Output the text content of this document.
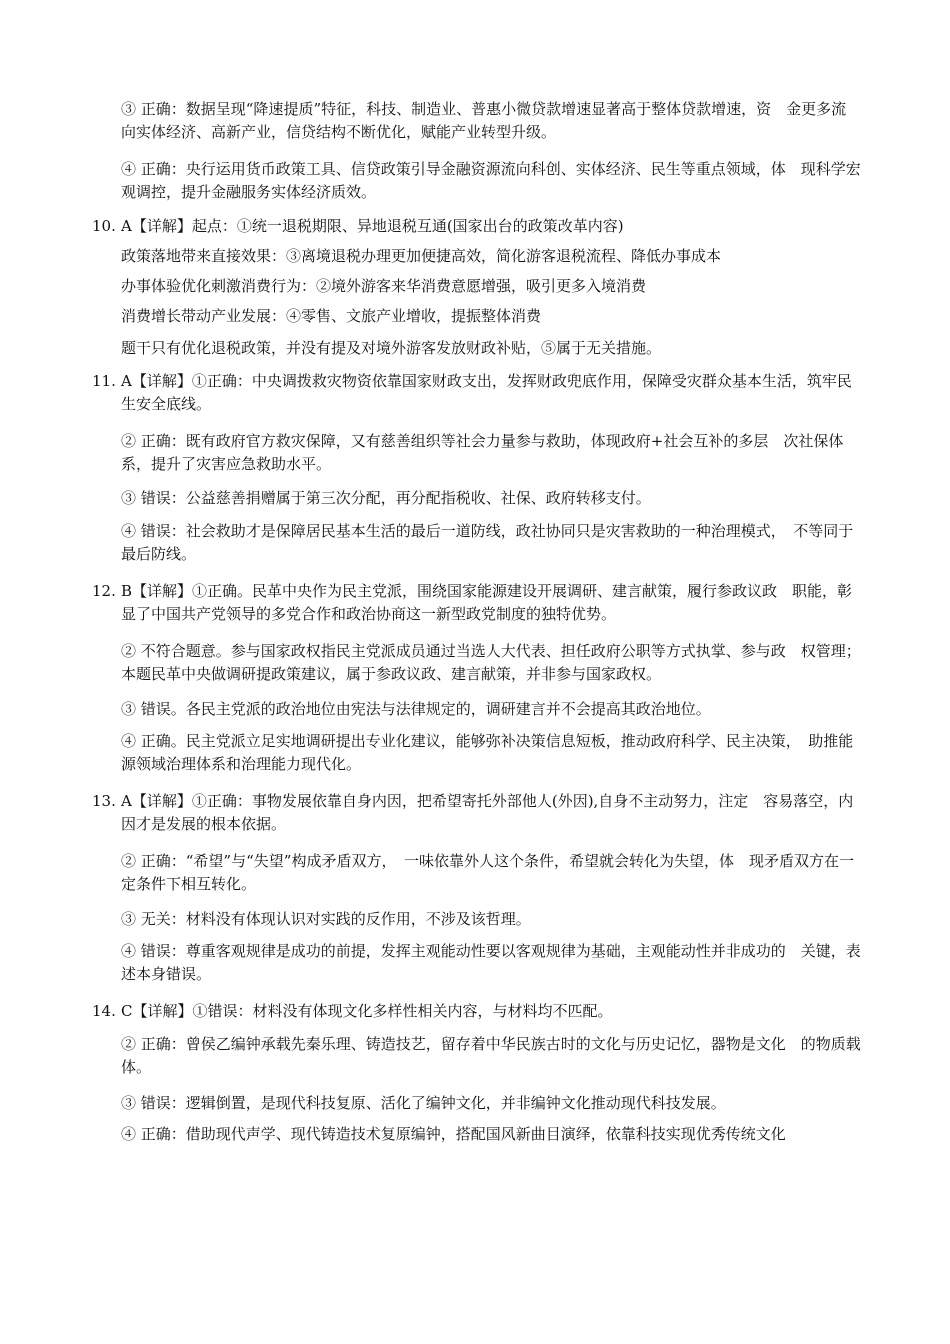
③ 正确：数据呈现“降速提质”特征，科技、制造业、普惠小微贷款增速显著高于整体贷款增速，资　金更多流向实体经济、高新产业，信贷结构不断优化，赋能产业转型升级。

④ 正确：央行运用货币政策工具、信贷政策引导金融资源流向科创、实体经济、民生等重点领域，体　现科学宏观调控，提升金融服务实体经济质效。

10. A【详解】起点：①统一退税期限、异地退税互通(国家出台的政策改革内容)

政策落地带来直接效果：③离境退税办理更加便捷高效，简化游客退税流程、降低办事成本

办事体验优化刺激消费行为：②境外游客来华消费意愿增强，吸引更多入境消费

消费增长带动产业发展：④零售、文旅产业增收，提振整体消费

题干只有优化退税政策，并没有提及对境外游客发放财政补贴，⑤属于无关措施。

11. A【详解】①正确：中央调拨救灾物资依靠国家财政支出，发挥财政兜底作用，保障受灾群众基本生活，筑牢民生安全底线。

② 正确：既有政府官方救灾保障，又有慈善组织等社会力量参与救助，体现政府+社会互补的多层　次社保体系，提升了灾害应急救助水平。

③ 错误：公益慈善捐赠属于第三次分配，再分配指税收、社保、政府转移支付。

④ 错误：社会救助才是保障居民基本生活的最后一道防线，政社协同只是灾害救助的一种治理模式，　不等同于最后防线。

12. B【详解】①正确。民革中央作为民主党派，围绕国家能源建设开展调研、建言献策，履行参政议政　职能，彰显了中国共产党领导的多党合作和政治协商这一新型政党制度的独特优势。

② 不符合题意。参与国家政权指民主党派成员通过当选人大代表、担任政府公职等方式执掌、参与政　权管理；本题民革中央做调研提政策建议，属于参政议政、建言献策，并非参与国家政权。

③ 错误。各民主党派的政治地位由宪法与法律规定的，调研建言并不会提高其政治地位。

④ 正确。民主党派立足实地调研提出专业化建议，能够弥补决策信息短板，推动政府科学、民主决策，　助推能源领域治理体系和治理能力现代化。

13. A【详解】①正确：事物发展依靠自身内因，把希望寄托外部他人(外因),自身不主动努力，注定　容易落空，内因才是发展的根本依据。

② 正确：“希望”与“失望”构成矛盾双方，　一味依靠外人这个条件，希望就会转化为失望，体　现矛盾双方在一定条件下相互转化。

③ 无关：材料没有体现认识对实践的反作用，不涉及该哲理。

④ 错误：尊重客观规律是成功的前提，发挥主观能动性要以客观规律为基础，主观能动性并非成功的　关键，表述本身错误。

14. C【详解】①错误：材料没有体现文化多样性相关内容，与材料均不匹配。

② 正确：曾侯乙编钟承载先秦乐理、铸造技艺，留存着中华民族古时的文化与历史记忆，器物是文化　的物质载体。

③ 错误：逻辑倒置，是现代科技复原、活化了编钟文化，并非编钟文化推动现代科技发展。

④ 正确：借助现代声学、现代铸造技术复原编钟，搭配国风新曲目演绎，依靠科技实现优秀传统文化
